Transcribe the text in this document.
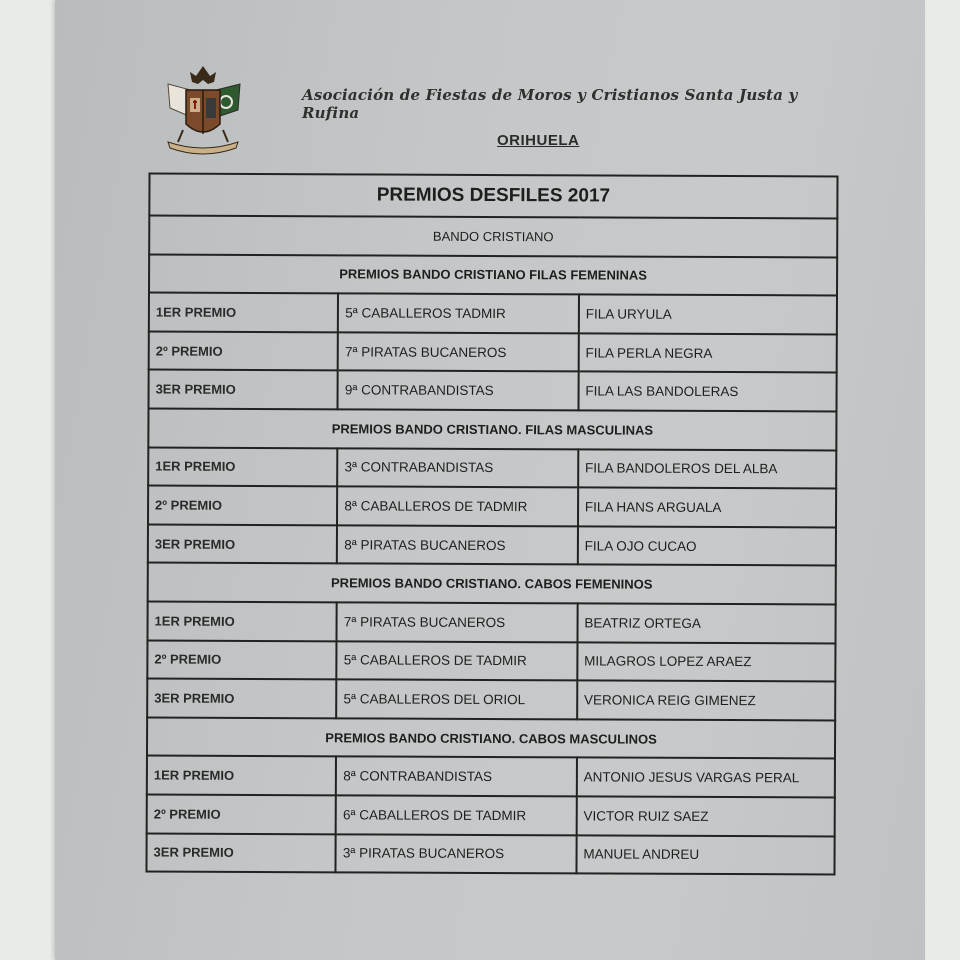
Asociación de Fiestas de Moros y Cristianos Santa Justa y Rufina
ORIHUELA
PREMIOS DESFILES 2017		
BANDO CRISTIANO		
PREMIOS BANDO CRISTIANO FILAS FEMENINAS		
1ER PREMIO	5ª CABALLEROS TADMIR	FILA URYULA
2º PREMIO	7ª PIRATAS BUCANEROS	FILA PERLA NEGRA
3ER PREMIO	9ª CONTRABANDISTAS	FILA LAS BANDOLERAS
PREMIOS BANDO CRISTIANO. FILAS MASCULINAS		
1ER PREMIO	3ª CONTRABANDISTAS	FILA BANDOLEROS DEL ALBA
2º PREMIO	8ª CABALLEROS DE TADMIR	FILA HANS ARGUALA
3ER PREMIO	8ª PIRATAS BUCANEROS	FILA OJO CUCAO
PREMIOS BANDO CRISTIANO. CABOS FEMENINOS		
1ER PREMIO	7ª PIRATAS BUCANEROS	BEATRIZ ORTEGA
2º PREMIO	5ª CABALLEROS DE TADMIR	MILAGROS LOPEZ ARAEZ
3ER PREMIO	5ª CABALLEROS DEL ORIOL	VERONICA REIG GIMENEZ
PREMIOS BANDO CRISTIANO. CABOS MASCULINOS		
1ER PREMIO	8ª CONTRABANDISTAS	ANTONIO JESUS VARGAS PERAL
2º PREMIO	6ª CABALLEROS DE TADMIR	VICTOR RUIZ SAEZ
3ER PREMIO	3ª PIRATAS BUCANEROS	MANUEL ANDREU
